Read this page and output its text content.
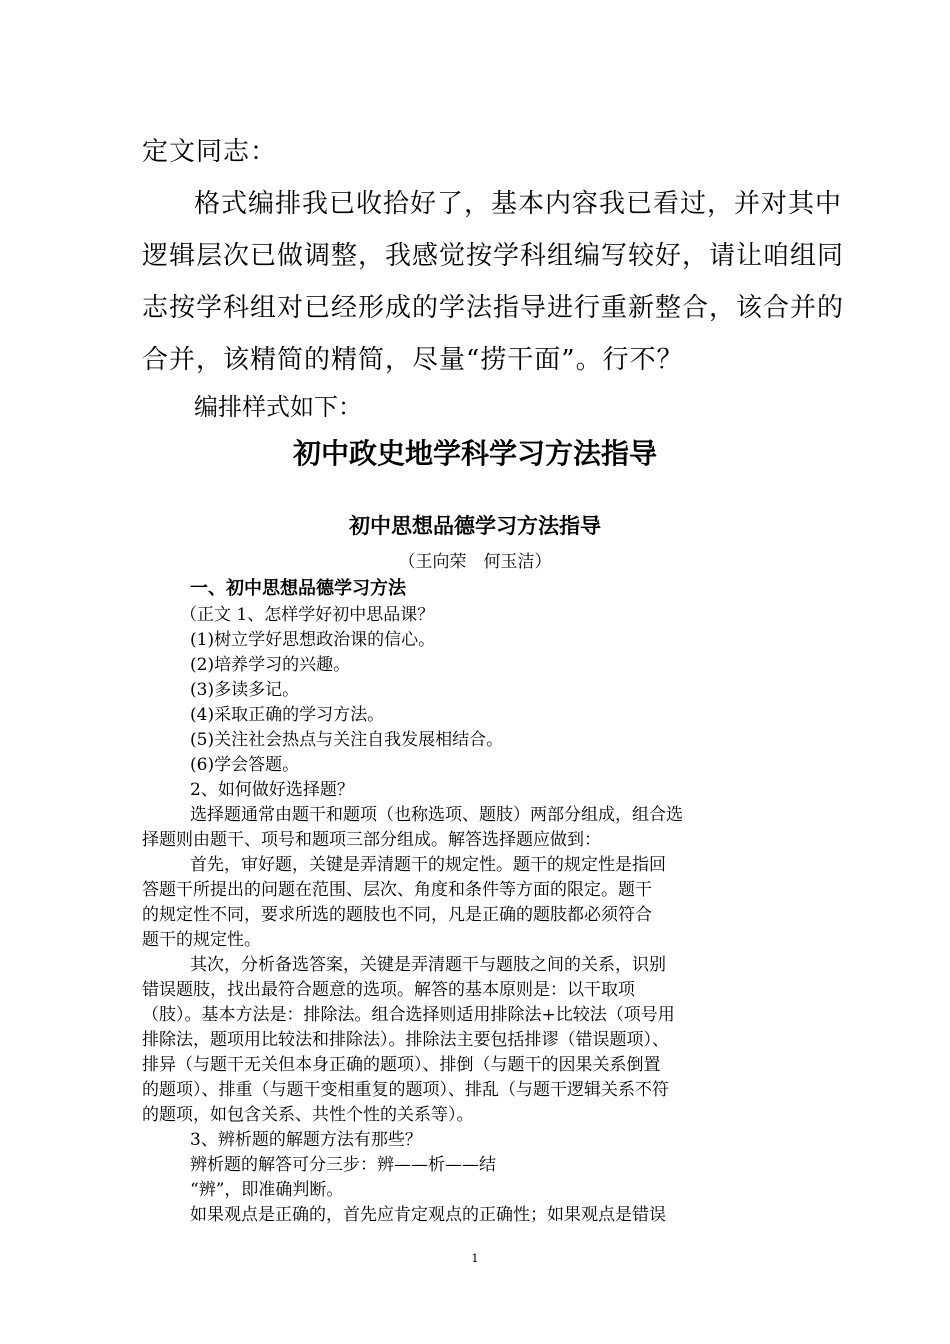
定文同志：
格式编排我已收拾好了，基本内容我已看过，并对其中
逻辑层次已做调整，我感觉按学科组编写较好，请让咱组同
志按学科组对已经形成的学法指导进行重新整合，该合并的
合并，该精简的精简，尽量“捞干面”。行不？
编排样式如下：
初中政史地学科学习方法指导
初中思想品德学习方法指导
（王向荣　何玉洁）
一、初中思想品德学习方法
（正文 1、怎样学好初中思品课？
(1)树立学好思想政治课的信心。
(2)培养学习的兴趣。
(3)多读多记。
(4)采取正确的学习方法。
(5)关注社会热点与关注自我发展相结合。
(6)学会答题。
2、如何做好选择题？
选择题通常由题干和题项（也称选项、题肢）两部分组成，组合选
择题则由题干、项号和题项三部分组成。解答选择题应做到：
首先，审好题，关键是弄清题干的规定性。题干的规定性是指回
答题干所提出的问题在范围、层次、角度和条件等方面的限定。题干
的规定性不同，要求所选的题肢也不同，凡是正确的题肢都必须符合
题干的规定性。
其次，分析备选答案，关键是弄清题干与题肢之间的关系，识别
错误题肢，找出最符合题意的选项。解答的基本原则是：以干取项
（肢）。基本方法是：排除法。组合选择则适用排除法+比较法（项号用
排除法，题项用比较法和排除法）。排除法主要包括排谬（错误题项）、
排异（与题干无关但本身正确的题项）、排倒（与题干的因果关系倒置
的题项）、排重（与题干变相重复的题项）、排乱（与题干逻辑关系不符
的题项，如包含关系、共性个性的关系等）。
3、辨析题的解题方法有那些？
辨析题的解答可分三步：辨——析——结
“辨”，即准确判断。
如果观点是正确的，首先应肯定观点的正确性；如果观点是错误
1
